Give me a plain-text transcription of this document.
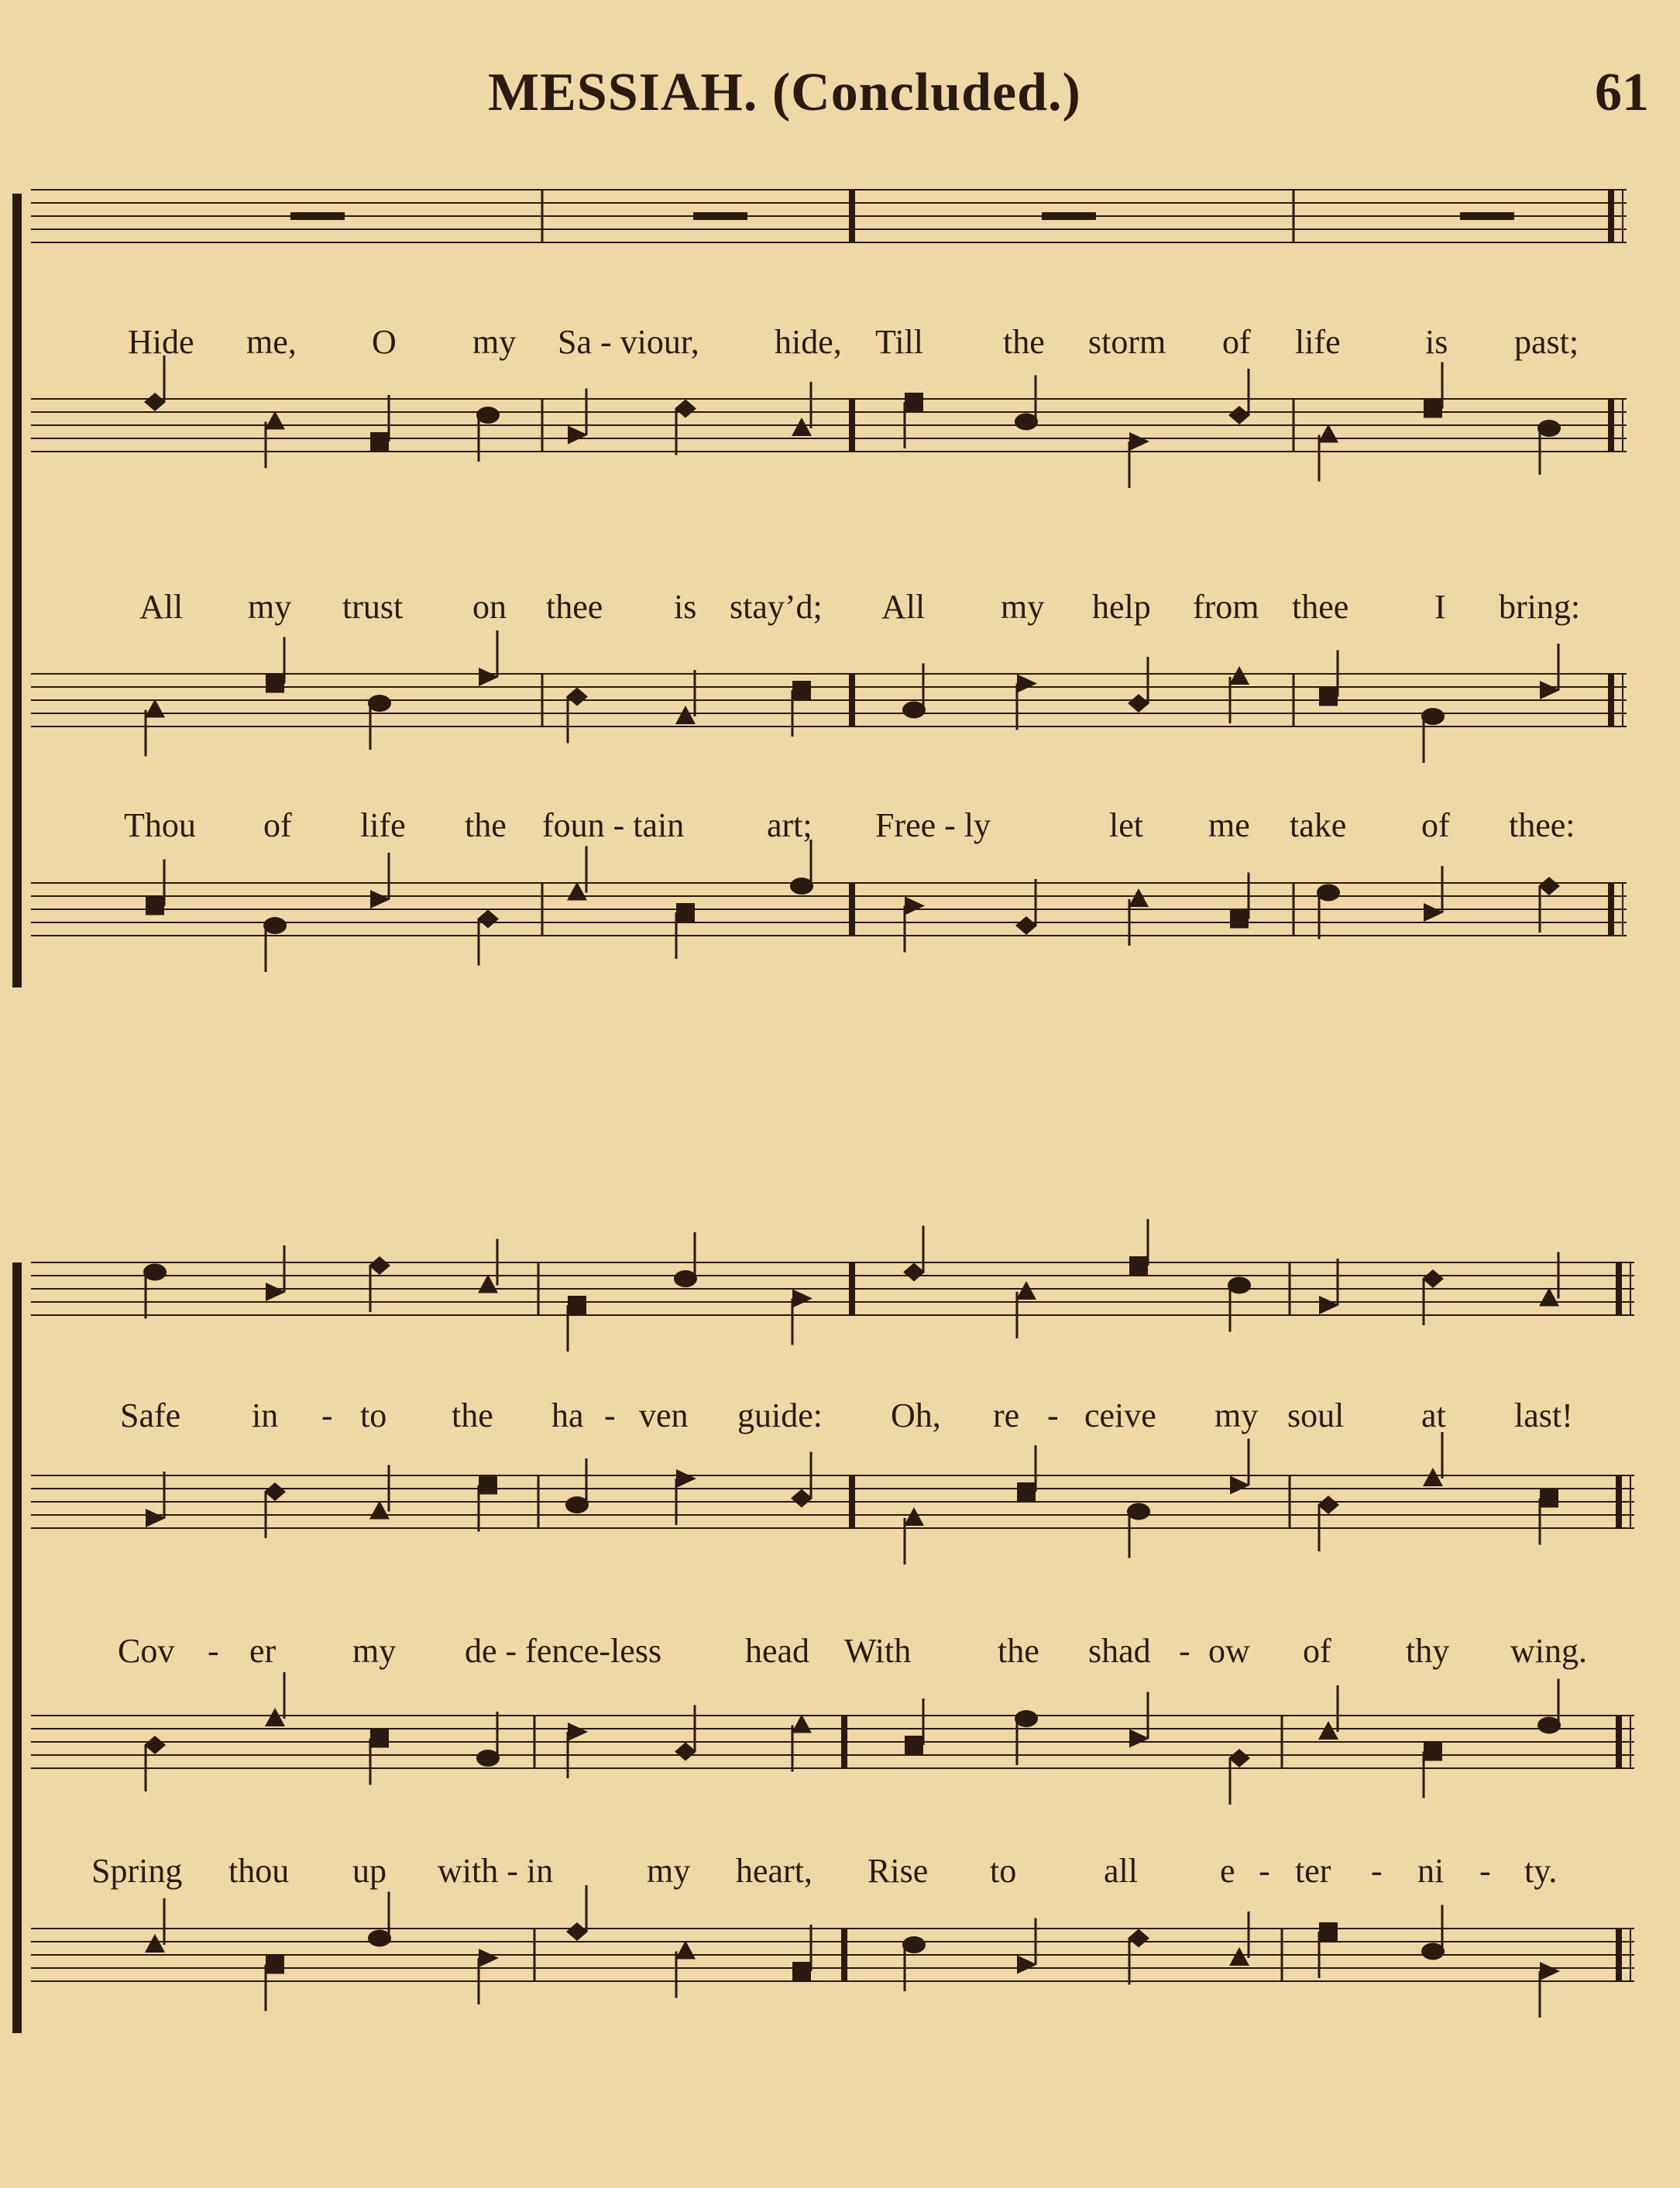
MESSIAH. (Concluded.)	61
Hide me, O my Sa - viour, hide, Till the storm of life is past;
All my trust on thee is stay’d; All my help from thee	I bring:
Thou of life the foun - tain art; Free - ly	let me take of thee:
Safe in - to the ha - ven guide: Oh, re - ceive my soul at last!
Cov - er my de - fence-less head With	the shad - ow of thy wing.
Spring thou up with - in	my heart, Rise to	all e - ter - ni - ty.
